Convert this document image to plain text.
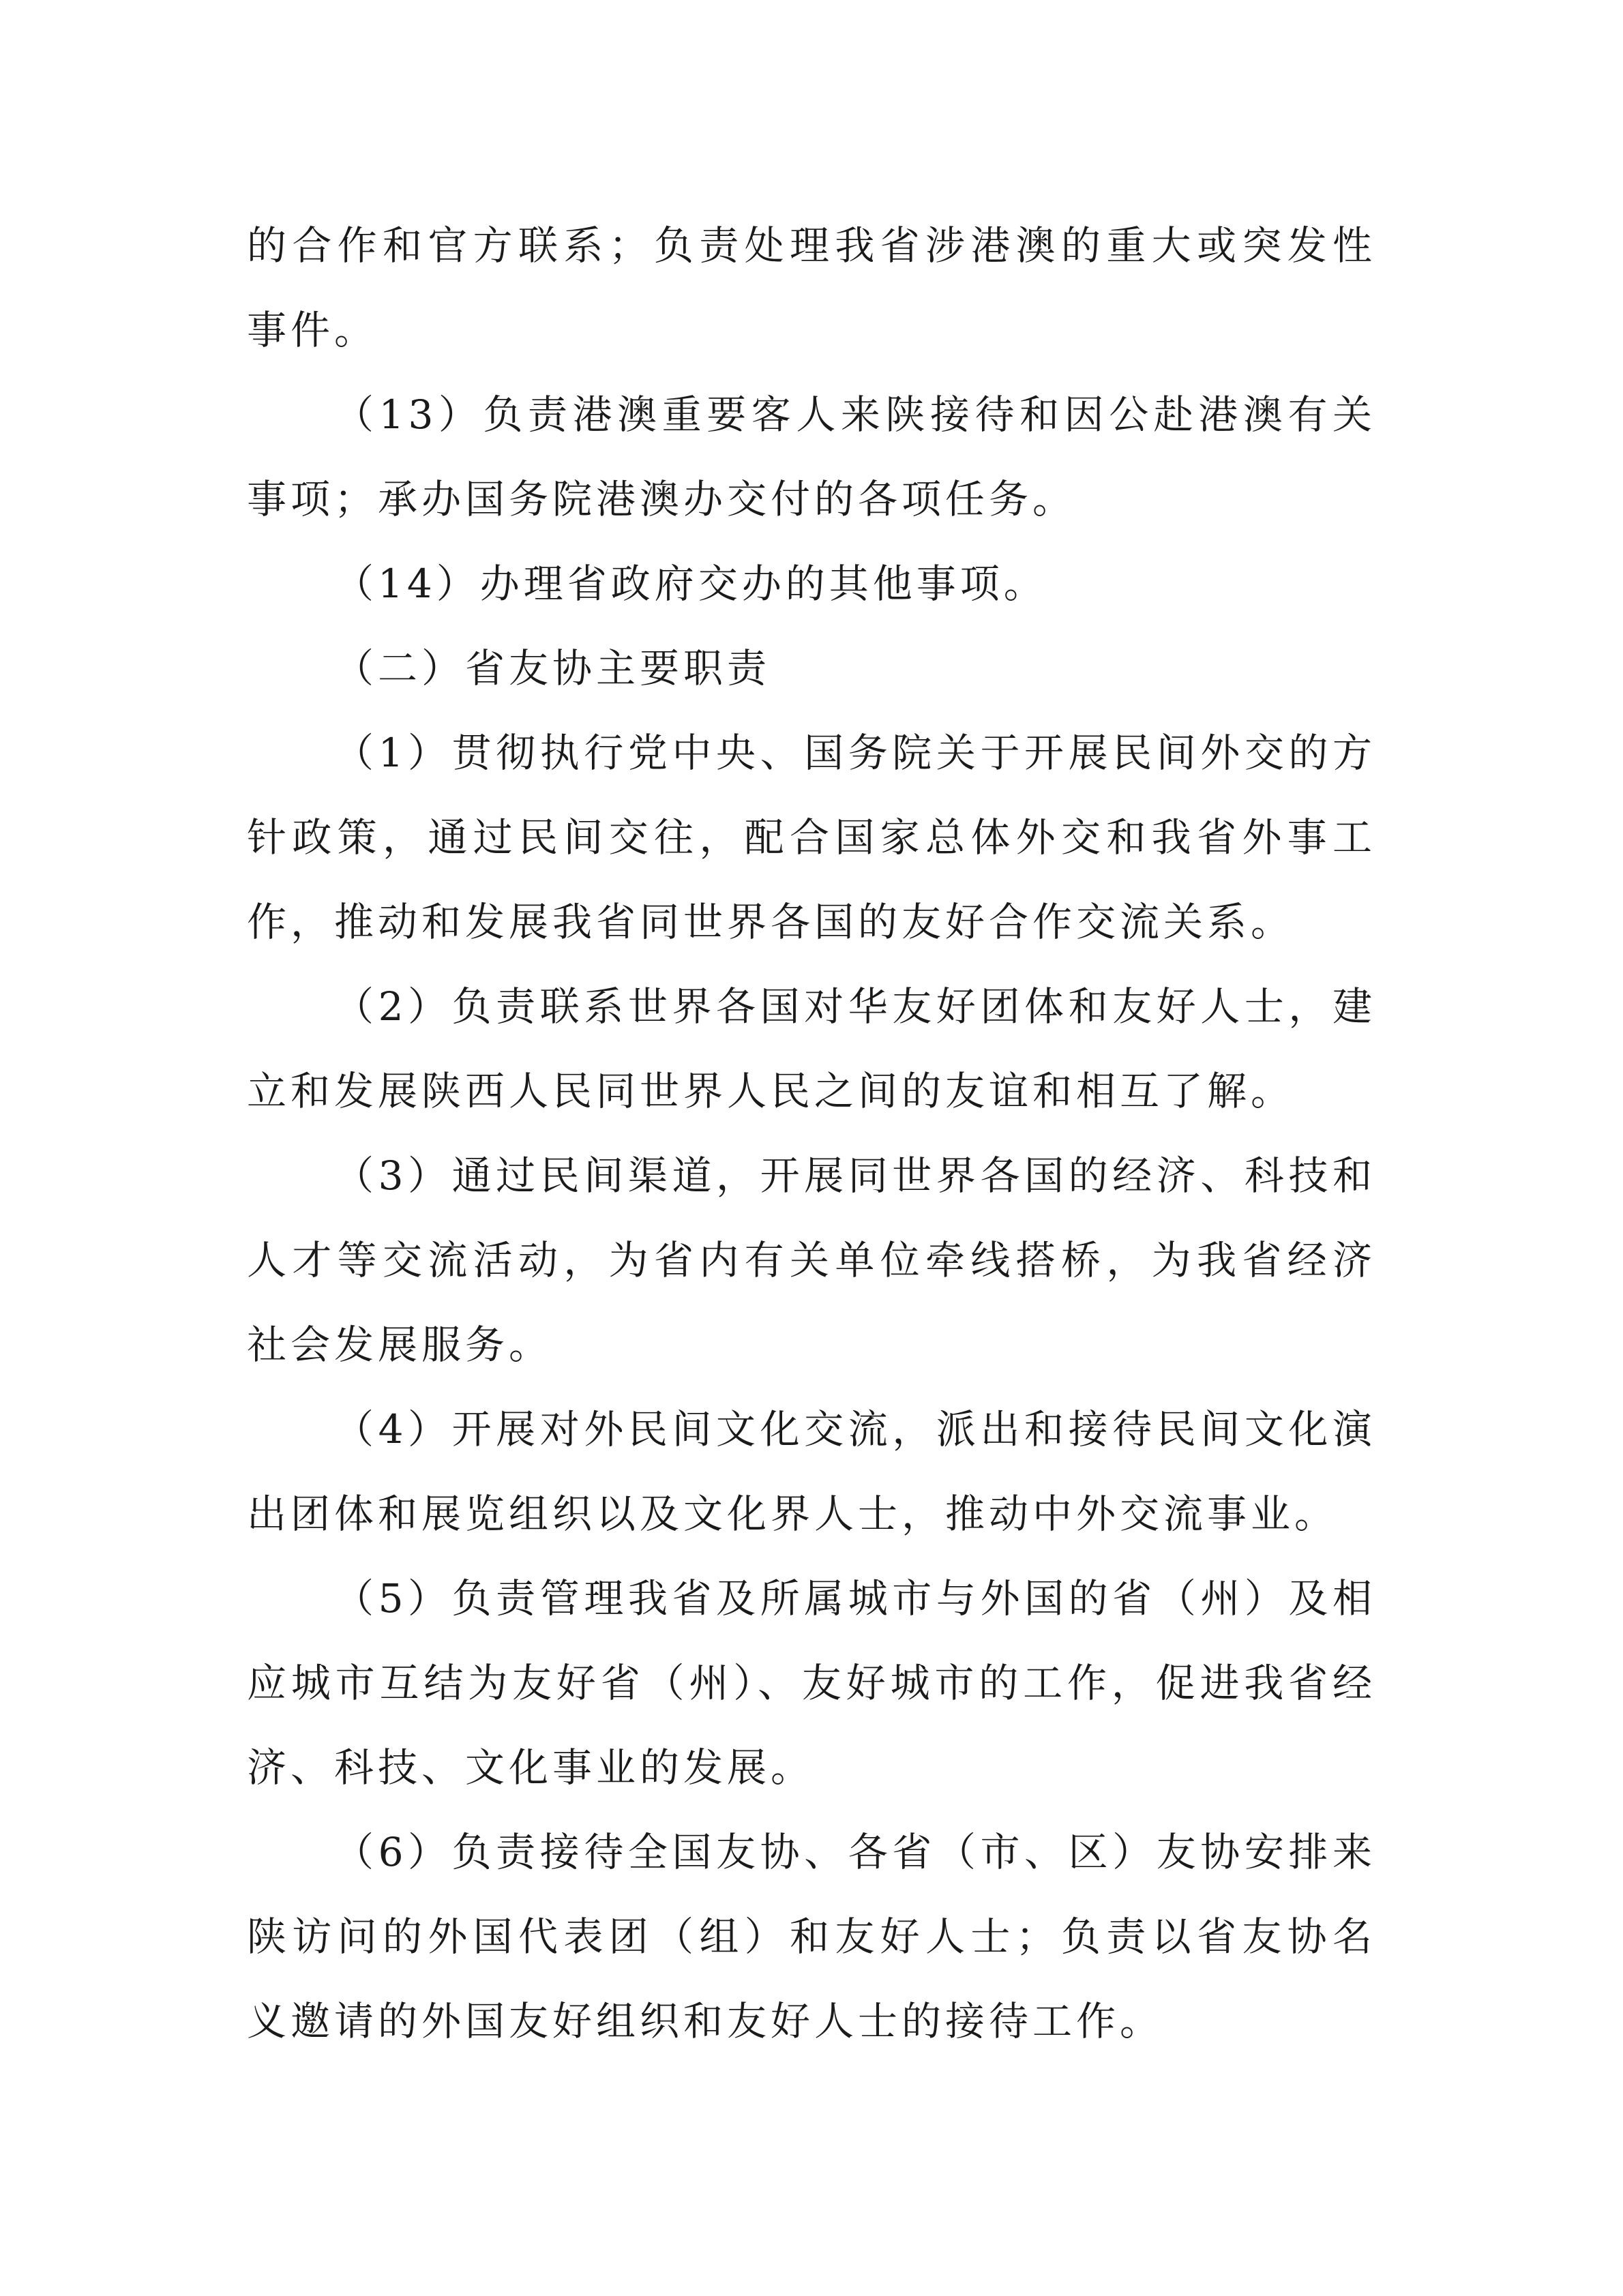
的合作和官方联系；负责处理我省涉港澳的重大或突发性事件。

（13）负责港澳重要客人来陕接待和因公赴港澳有关事项；承办国务院港澳办交付的各项任务。

（14）办理省政府交办的其他事项。

（二）省友协主要职责

（1）贯彻执行党中央、国务院关于开展民间外交的方针政策，通过民间交往，配合国家总体外交和我省外事工作，推动和发展我省同世界各国的友好合作交流关系。

（2）负责联系世界各国对华友好团体和友好人士，建立和发展陕西人民同世界人民之间的友谊和相互了解。

（3）通过民间渠道，开展同世界各国的经济、科技和人才等交流活动，为省内有关单位牵线搭桥，为我省经济社会发展服务。

（4）开展对外民间文化交流，派出和接待民间文化演出团体和展览组织以及文化界人士，推动中外交流事业。

（5）负责管理我省及所属城市与外国的省（州）及相应城市互结为友好省（州）、友好城市的工作，促进我省经济、科技、文化事业的发展。

（6）负责接待全国友协、各省（市、区）友协安排来陕访问的外国代表团（组）和友好人士；负责以省友协名义邀请的外国友好组织和友好人士的接待工作。
